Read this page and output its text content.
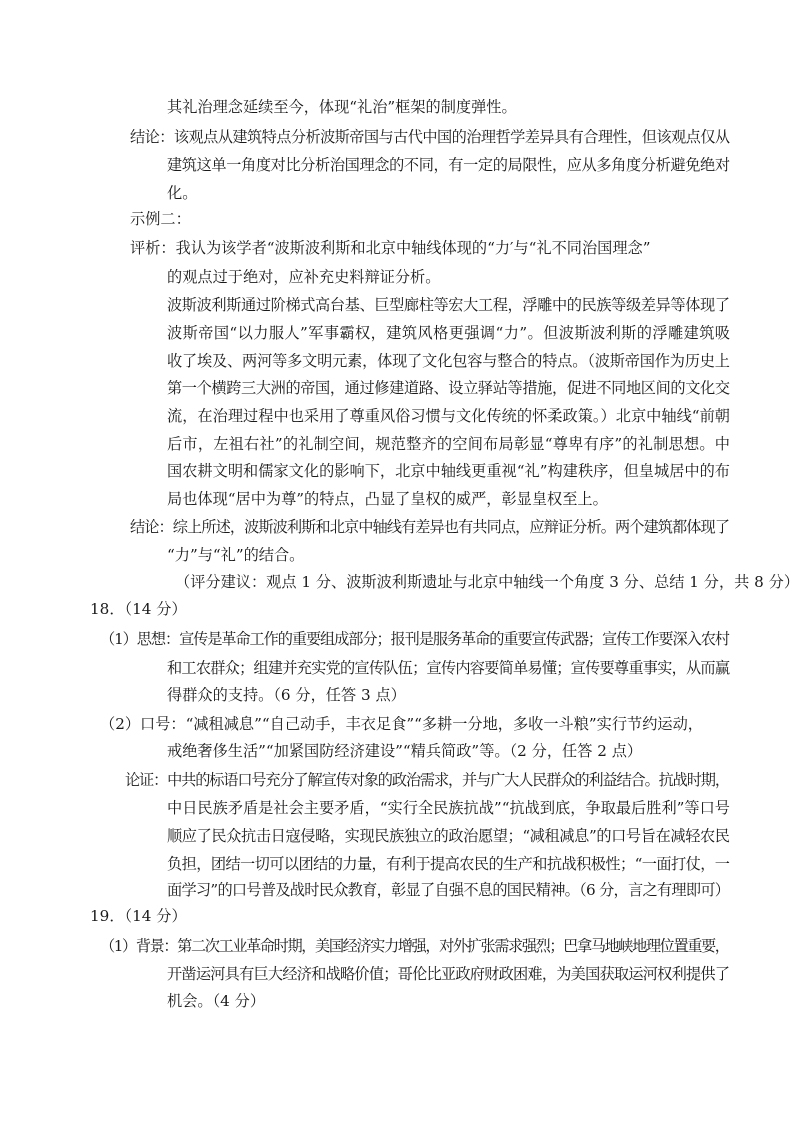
其礼治理念延续至今，体现“礼治”框架的制度弹性。
结论：该观点从建筑特点分析波斯帝国与古代中国的治理哲学差异具有合理性，但该观点仅从
建筑这单一角度对比分析治国理念的不同，有一定的局限性，应从多角度分析避免绝对
化。
示例二：
评析：我认为该学者“波斯波利斯和北京中轴线体现的“力′与“礼不同治国理念”
的观点过于绝对，应补充史料辩证分析。
波斯波利斯通过阶梯式高台基、巨型廊柱等宏大工程，浮雕中的民族等级差异等体现了
波斯帝国“以力服人”军事霸权，建筑风格更强调“力”。但波斯波利斯的浮雕建筑吸
收了埃及、两河等多文明元素，体现了文化包容与整合的特点。（波斯帝国作为历史上
第一个横跨三大洲的帝国，通过修建道路、设立驿站等措施，促进不同地区间的文化交
流，在治理过程中也采用了尊重风俗习惯与文化传统的怀柔政策。）北京中轴线“前朝
后市，左祖右社”的礼制空间，规范整齐的空间布局彰显“尊卑有序”的礼制思想。中
国农耕文明和儒家文化的影响下，北京中轴线更重视“礼”构建秩序，但皇城居中的布
局也体现“居中为尊”的特点，凸显了皇权的威严，彰显皇权至上。
结论：综上所述，波斯波利斯和北京中轴线有差异也有共同点，应辩证分析。两个建筑都体现了
“力”与“礼”的结合。
（评分建议：观点 1 分、波斯波利斯遗址与北京中轴线一个角度 3 分、总结 1 分，共 8 分）
18．（14 分）
（1）思想：宣传是革命工作的重要组成部分；报刊是服务革命的重要宣传武器；宣传工作要深入农村
和工农群众；组建并充实党的宣传队伍；宣传内容要简单易懂；宣传要尊重事实，从而赢
得群众的支持。（6 分，任答 3 点）
（2）口号：“减租减息”“自己动手，丰衣足食”“多耕一分地，多收一斗粮”实行节约运动，
戒绝奢侈生活”“加紧国防经济建设”“精兵简政”等。（2 分，任答 2 点）
论证：中共的标语口号充分了解宣传对象的政治需求，并与广大人民群众的利益结合。抗战时期，
中日民族矛盾是社会主要矛盾，“实行全民族抗战”“抗战到底，争取最后胜利”等口号
顺应了民众抗击日寇侵略，实现民族独立的政治愿望；“减租减息”的口号旨在减轻农民
负担，团结一切可以团结的力量，有利于提高农民的生产和抗战积极性；“一面打仗，一
面学习”的口号普及战时民众教育，彰显了自强不息的国民精神。（6 分，言之有理即可）
19．（14 分）
（1）背景：第二次工业革命时期，美国经济实力增强，对外扩张需求强烈；巴拿马地峡地理位置重要，
开凿运河具有巨大经济和战略价值；哥伦比亚政府财政困难，为美国获取运河权利提供了
机会。（4 分）
